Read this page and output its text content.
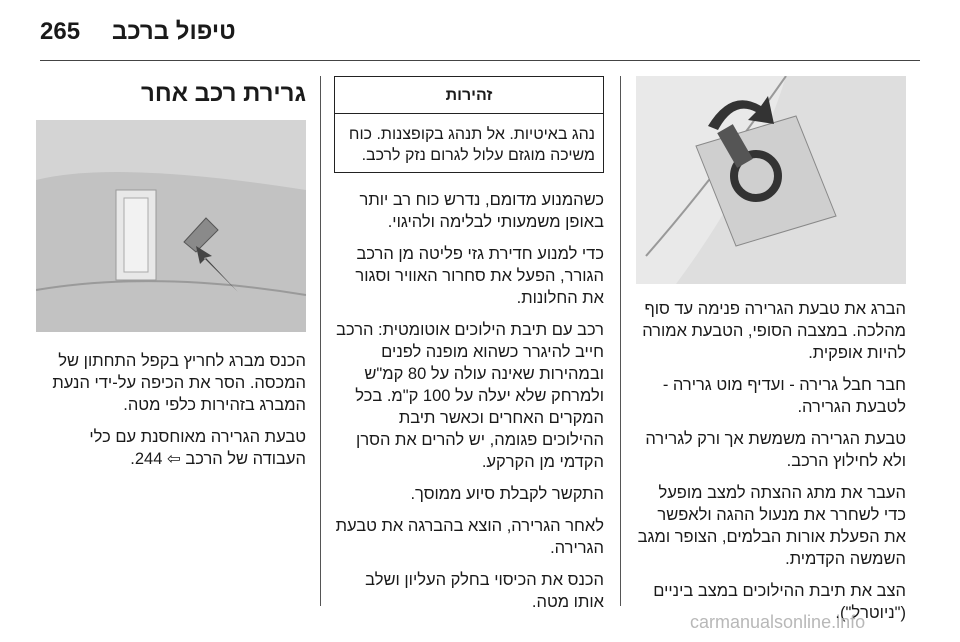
265 טיפול ברכב
גרירת רכב אחר

הכנס מברג לחריץ בקפל התחתון של המכסה. הסר את הכיפה על-ידי הנעת המברג בזהירות כלפי מטה.

טבעת הגרירה מאוחסנת עם כלי העבודה של הרכב ⇦ 244.

זהירות
נהג באיטיות. אל תנהג בקופצנות. כוח משיכה מוגזם עלול לגרום נזק לרכב.

כשהמנוע מדומם, נדרש כוח רב יותר באופן משמעותי לבלימה ולהיגוי.

כדי למנוע חדירת גזי פליטה מן הרכב הגורר, הפעל את סחרור האוויר וסגור את החלונות.

רכב עם תיבת הילוכים אוטומטית: הרכב חייב להיגרר כשהוא מופנה לפנים ובמהירות שאינה עולה על 80 קמ"ש ולמרחק שלא יעלה על 100 ק"מ. בכל המקרים האחרים וכאשר תיבת ההילוכים פגומה, יש להרים את הסרן הקדמי מן הקרקע.

התקשר לקבלת סיוע ממוסך.

לאחר הגרירה, הוצא בהברגה את טבעת הגרירה.

הכנס את הכיסוי בחלק העליון ושלב אותו מטה.

הברג את טבעת הגרירה פנימה עד סוף מהלכה. במצבה הסופי, הטבעת אמורה להיות אופקית.

חבר חבל גרירה - ועדיף מוט גרירה - לטבעת הגרירה.

טבעת הגרירה משמשת אך ורק לגרירה ולא לחילוץ הרכב.

העבר את מתג ההצתה למצב מופעל כדי לשחרר את מנעול ההגה ולאפשר את הפעלת אורות הבלמים, הצופר ומגב השמשה הקדמית.

הצב את תיבת ההילוכים במצב ביניים ("ניוטרל").

carmanualsonline.info
